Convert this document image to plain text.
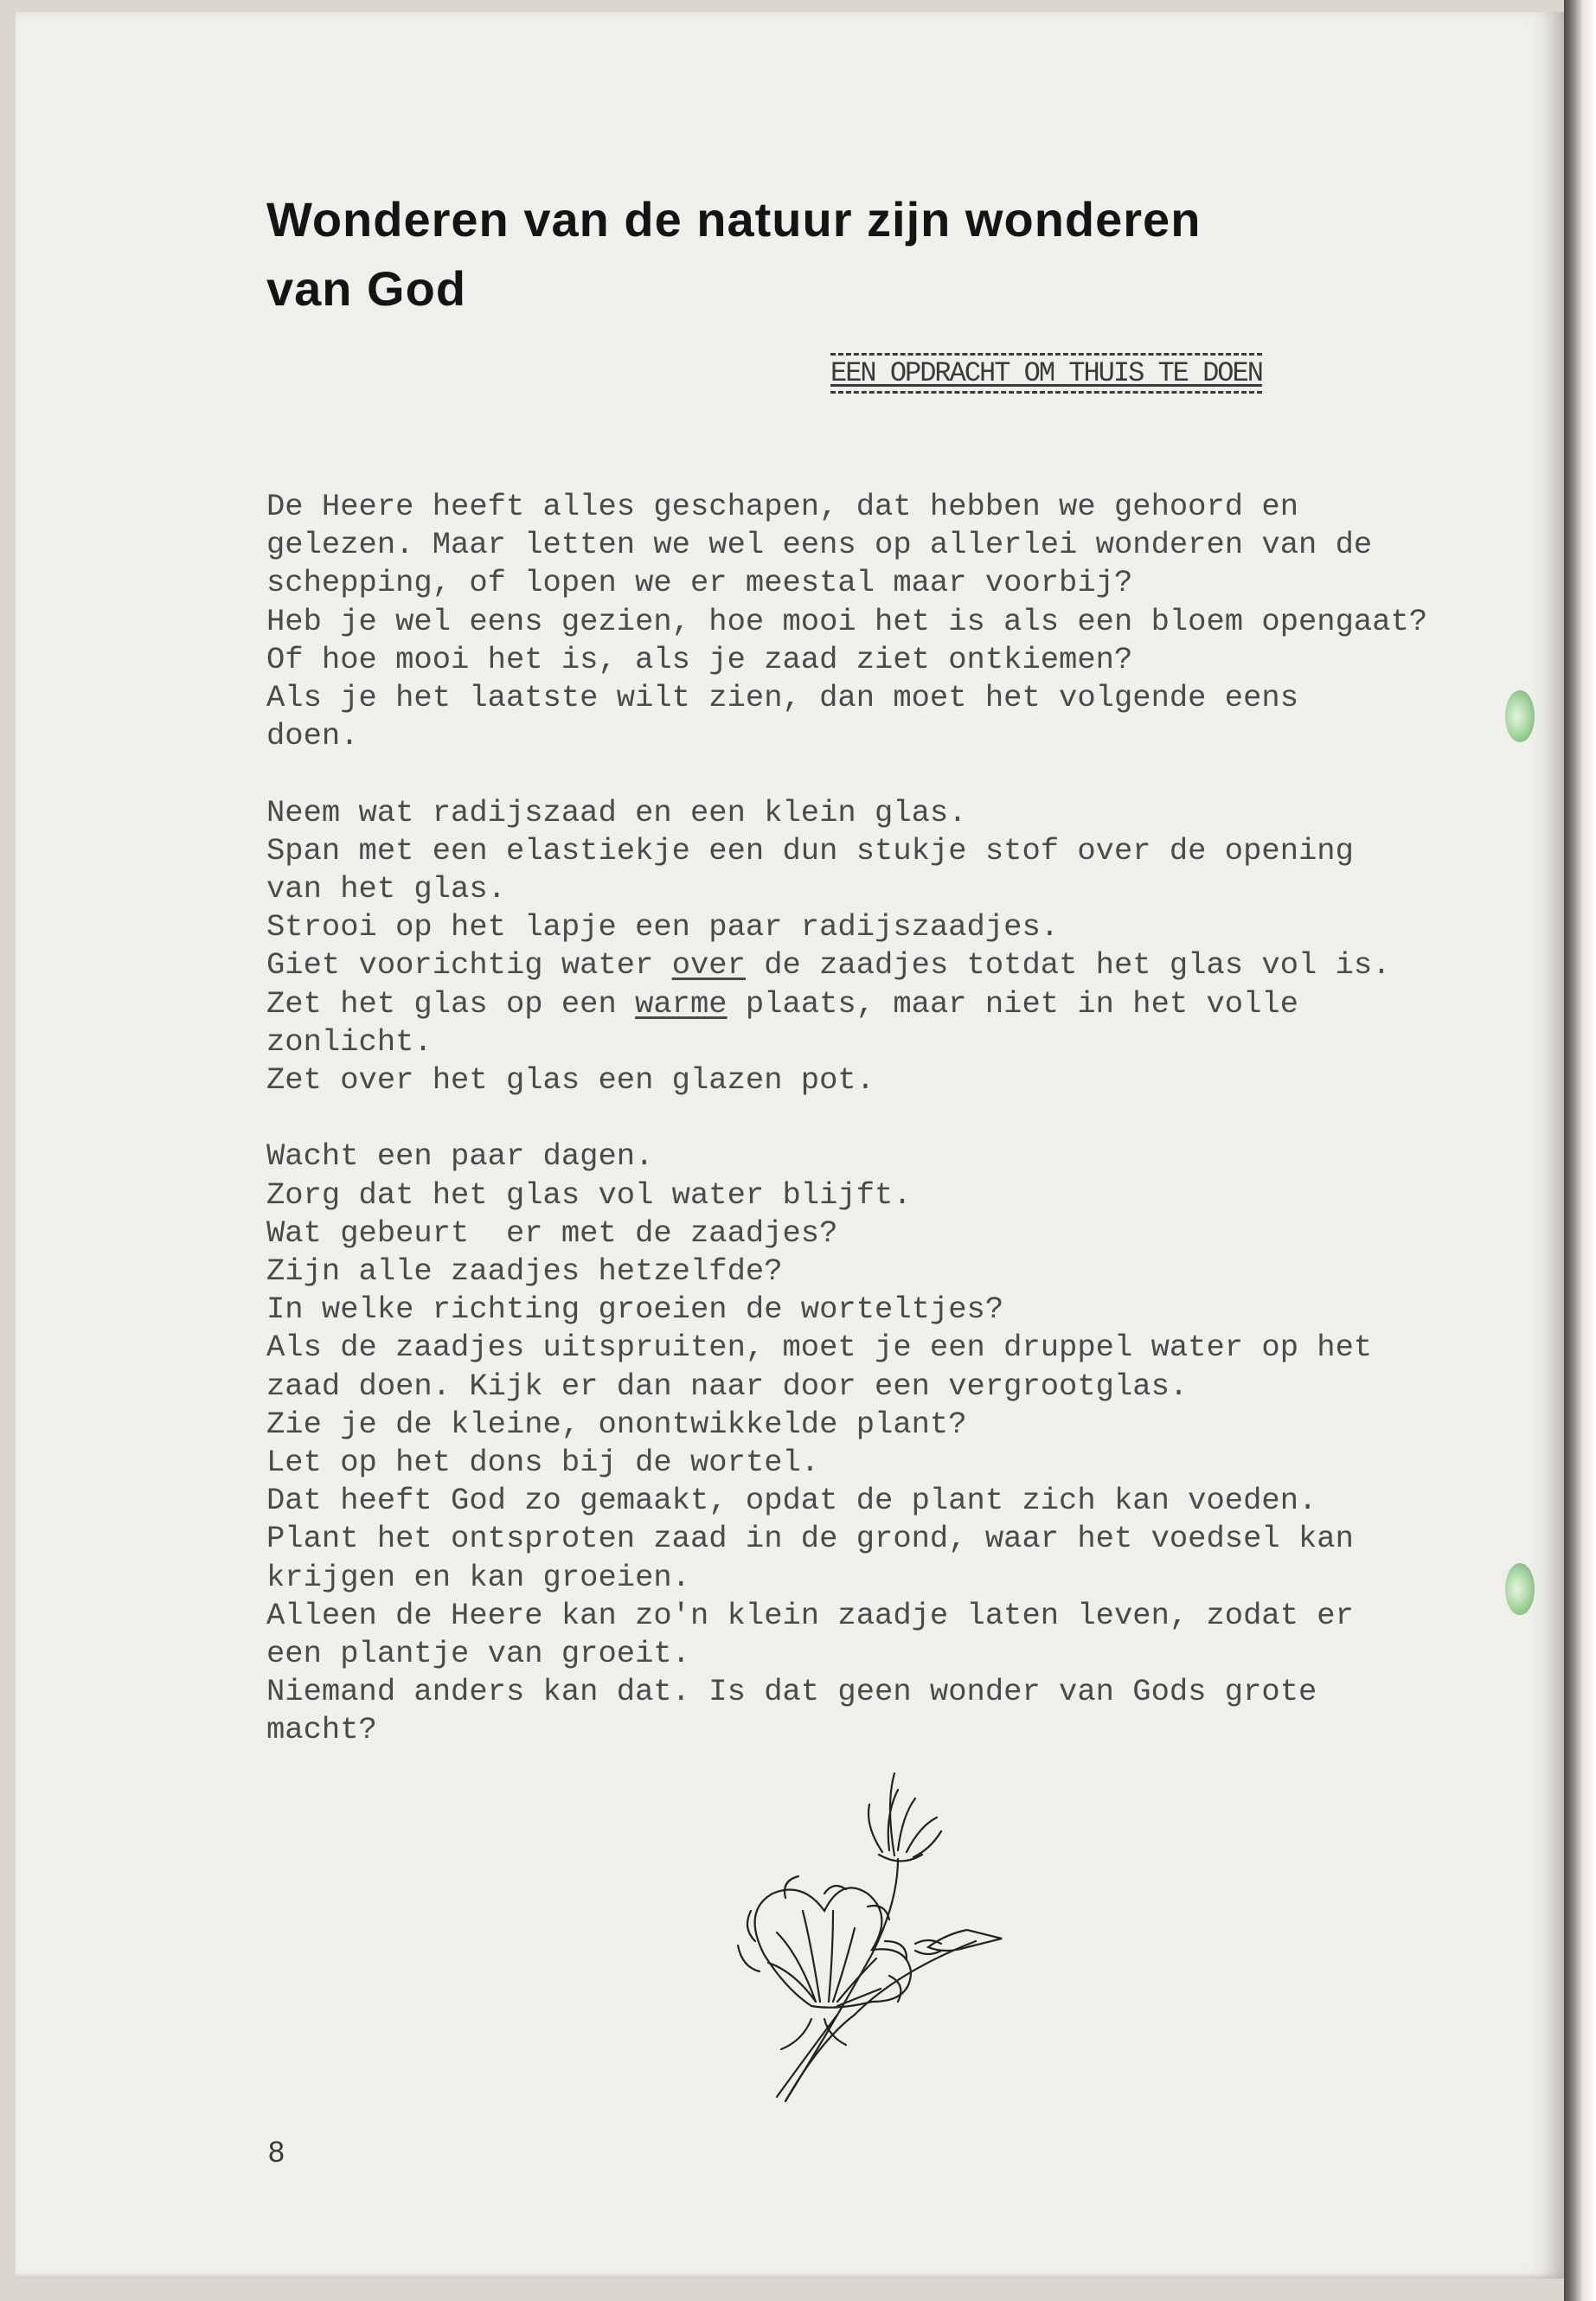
Wonderen van de natuur zijn wonderen
van God
EEN OPDRACHT OM THUIS TE DOEN
De Heere heeft alles geschapen, dat hebben we gehoord en
gelezen. Maar letten we wel eens op allerlei wonderen van de
schepping, of lopen we er meestal maar voorbij?
Heb je wel eens gezien, hoe mooi het is als een bloem opengaat?
Of hoe mooi het is, als je zaad ziet ontkiemen?
Als je het laatste wilt zien, dan moet het volgende eens
doen.
Neem wat radijszaad en een klein glas.
Span met een elastiekje een dun stukje stof over de opening
van het glas.
Strooi op het lapje een paar radijszaadjes.
Giet voorichtig water over de zaadjes totdat het glas vol is.
Zet het glas op een warme plaats, maar niet in het volle
zonlicht.
Zet over het glas een glazen pot.
Wacht een paar dagen.
Zorg dat het glas vol water blijft.
Wat gebeurt  er met de zaadjes?
Zijn alle zaadjes hetzelfde?
In welke richting groeien de worteltjes?
Als de zaadjes uitspruiten, moet je een druppel water op het
zaad doen. Kijk er dan naar door een vergrootglas.
Zie je de kleine, onontwikkelde plant?
Let op het dons bij de wortel.
Dat heeft God zo gemaakt, opdat de plant zich kan voeden.
Plant het ontsproten zaad in de grond, waar het voedsel kan
krijgen en kan groeien.
Alleen de Heere kan zo'n klein zaadje laten leven, zodat er
een plantje van groeit.
Niemand anders kan dat. Is dat geen wonder van Gods grote
macht?
8
